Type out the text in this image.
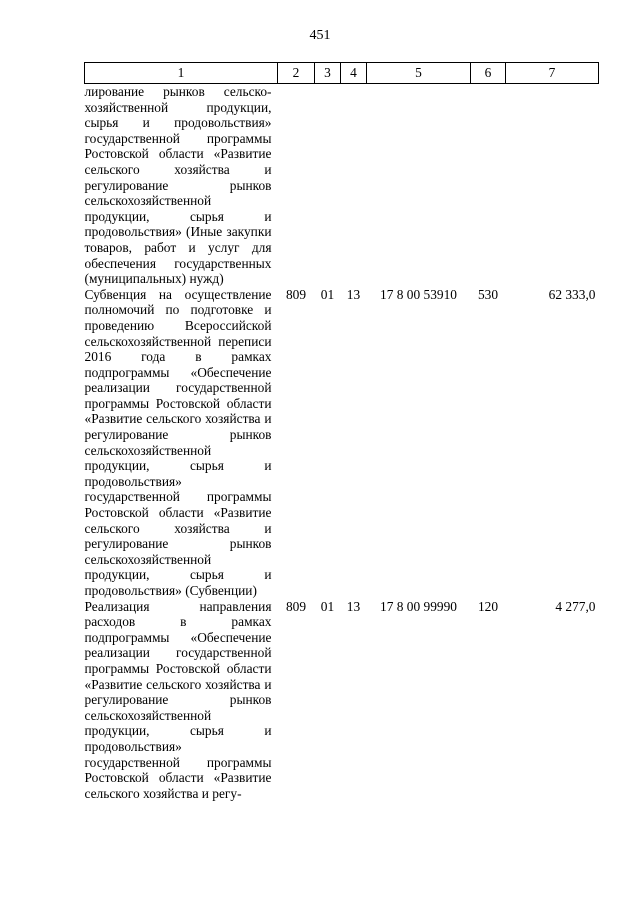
451
1	2	3	4	5	6	7
лирование рынков сельско-хозяйственной продукции, сырья и продовольствия» государственной программы Ростовской области «Развитие сельского хозяйства и регулирование рынков сельскохозяйственной продукции, сырья и продовольствия» (Иные закупки товаров, работ и услуг для обеспечения государственных (муниципальных) нужд)						
Субвенция на осуществление полномочий по подготовке и проведению Всероссийской сельскохозяйственной переписи 2016 года в рамках подпрограммы «Обеспечение реализации государственной программы Ростовской области «Развитие сельского хозяйства и регулирование рынков сельскохозяйственной продукции, сырья и продовольствия» государственной программы Ростовской области «Развитие сельского хозяйства и регулирование рынков сельскохозяйственной продукции, сырья и продовольствия» (Субвенции)	809	01	13	17 8 00 53910	530	62 333,0
Реализация направления расходов в рамках подпрограммы «Обеспечение реализации государственной программы Ростовской области «Развитие сельского хозяйства и регулирование рынков сельскохозяйственной продукции, сырья и продовольствия» государственной программы Ростовской области «Развитие сельского хозяйства и регу-	809	01	13	17 8 00 99990	120	4 277,0
